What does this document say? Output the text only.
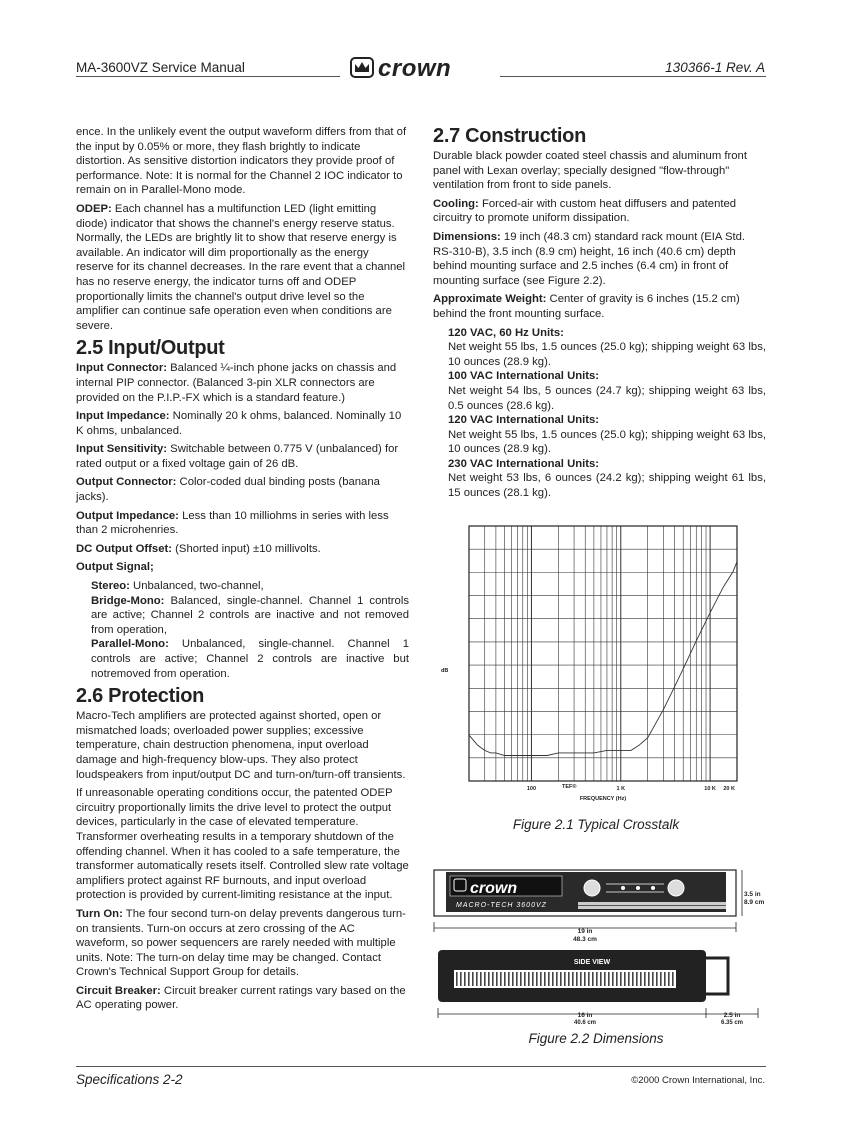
MA-3600VZ Service Manual	crown	130366-1 Rev. A

ence. In the unlikely event the output waveform differs from that of the input by 0.05% or more, they flash brightly to indicate distortion. As sensitive distortion indicators they provide proof of performance. Note: It is normal for the Channel 2 IOC indicator to remain on in Parallel-Mono mode.

ODEP: Each channel has a multifunction LED (light emitting diode) indicator that shows the channel's energy reserve status. Normally, the LEDs are brightly lit to show that reserve energy is available. An indicator will dim proportionally as the energy reserve for its channel decreases. In the rare event that a channel has no reserve energy, the indicator turns off and ODEP proportionally limits the channel's output drive level so the amplifier can continue safe operation even when conditions are severe.

2.5 Input/Output

Input Connector: Balanced ¼-inch phone jacks on chassis and internal PIP connector. (Balanced 3-pin XLR connectors are provided on the P.I.P.-FX which is a standard feature.)

Input Impedance: Nominally 20 k ohms, balanced. Nominally 10 K ohms, unbalanced.

Input Sensitivity: Switchable between 0.775 V (unbalanced) for rated output or a fixed voltage gain of 26 dB.

Output Connector: Color-coded dual binding posts (banana jacks).

Output Impedance: Less than 10 milliohms in series with less than 2 microhenries.

DC Output Offset: (Shorted input) ±10 millivolts.

Output Signal;

Stereo: Unbalanced, two-channel,
Bridge-Mono: Balanced, single-channel. Channel 1 controls are active; Channel 2 controls are inactive and not removed from operation,
Parallel-Mono: Unbalanced, single-channel. Channel 1 controls are active; Channel 2 controls are inactive but notremoved from operation.
2.6 Protection

Macro-Tech amplifiers are protected against shorted, open or mismatched loads; overloaded power supplies; excessive temperature, chain destruction phenomena, input overload damage and high-frequency blow-ups. They also protect loudspeakers from input/output DC and turn-on/turn-off transients.

If unreasonable operating conditions occur, the patented ODEP circuitry proportionally limits the drive level to protect the output devices, particularly in the case of elevated temperature. Transformer overheating results in a temporary shutdown of the offending channel. When it has cooled to a safe temperature, the transformer automatically resets itself. Controlled slew rate voltage amplifiers protect against RF burnouts, and input overload protection is provided by current-limiting resistance at the input.

Turn On: The four second turn-on delay prevents dangerous turn-on transients. Turn-on occurs at zero crossing of the AC waveform, so power sequencers are rarely needed with multiple units. Note: The turn-on delay time may be changed. Contact Crown's Technical Support Group for details.

Circuit Breaker: Circuit breaker current ratings vary based on the AC operating power.

2.7 Construction

Durable black powder coated steel chassis and aluminum front panel with Lexan overlay; specially designed "flow-through" ventilation from front to side panels.

Cooling: Forced-air with custom heat diffusers and patented circuitry to promote uniform dissipation.

Dimensions: 19 inch (48.3 cm) standard rack mount (EIA Std. RS-310-B), 3.5 inch (8.9 cm) height, 16 inch (40.6 cm) depth behind mounting surface and 2.5 inches (6.4 cm) in front of mounting surface (see Figure 2.2).

Approximate Weight: Center of gravity is 6 inches (15.2 cm) behind the front mounting surface.

120 VAC, 60 Hz Units:
Net weight 55 lbs, 1.5 ounces (25.0 kg); shipping weight 63 lbs, 10 ounces (28.9 kg).
100 VAC International Units:
Net weight 54 lbs, 5 ounces (24.7 kg); shipping weight 63 lbs, 0.5 ounces (28.6 kg).
120 VAC International Units:
Net weight 55 lbs, 1.5 ounces (25.0 kg); shipping weight 63 lbs, 10 ounces (28.9 kg).
230 VAC International Units:
Net weight 53 lbs, 6 ounces (24.2 kg); shipping weight 61 lbs, 15 ounces (28.1 kg).
100	1 K	10 K 20 K
dB
FREQUENCY (Hz)
TEF®
Figure 2.1 Typical Crosstalk
crown
MACRO-TECH 3600VZ
3.5 in
8.9 cm
19 in
48.3 cm
SIDE VIEW
16 in
40.6 cm
2.5 in
6.35 cm
Figure 2.2 Dimensions
Specifications 2-2	©2000 Crown International, Inc.
